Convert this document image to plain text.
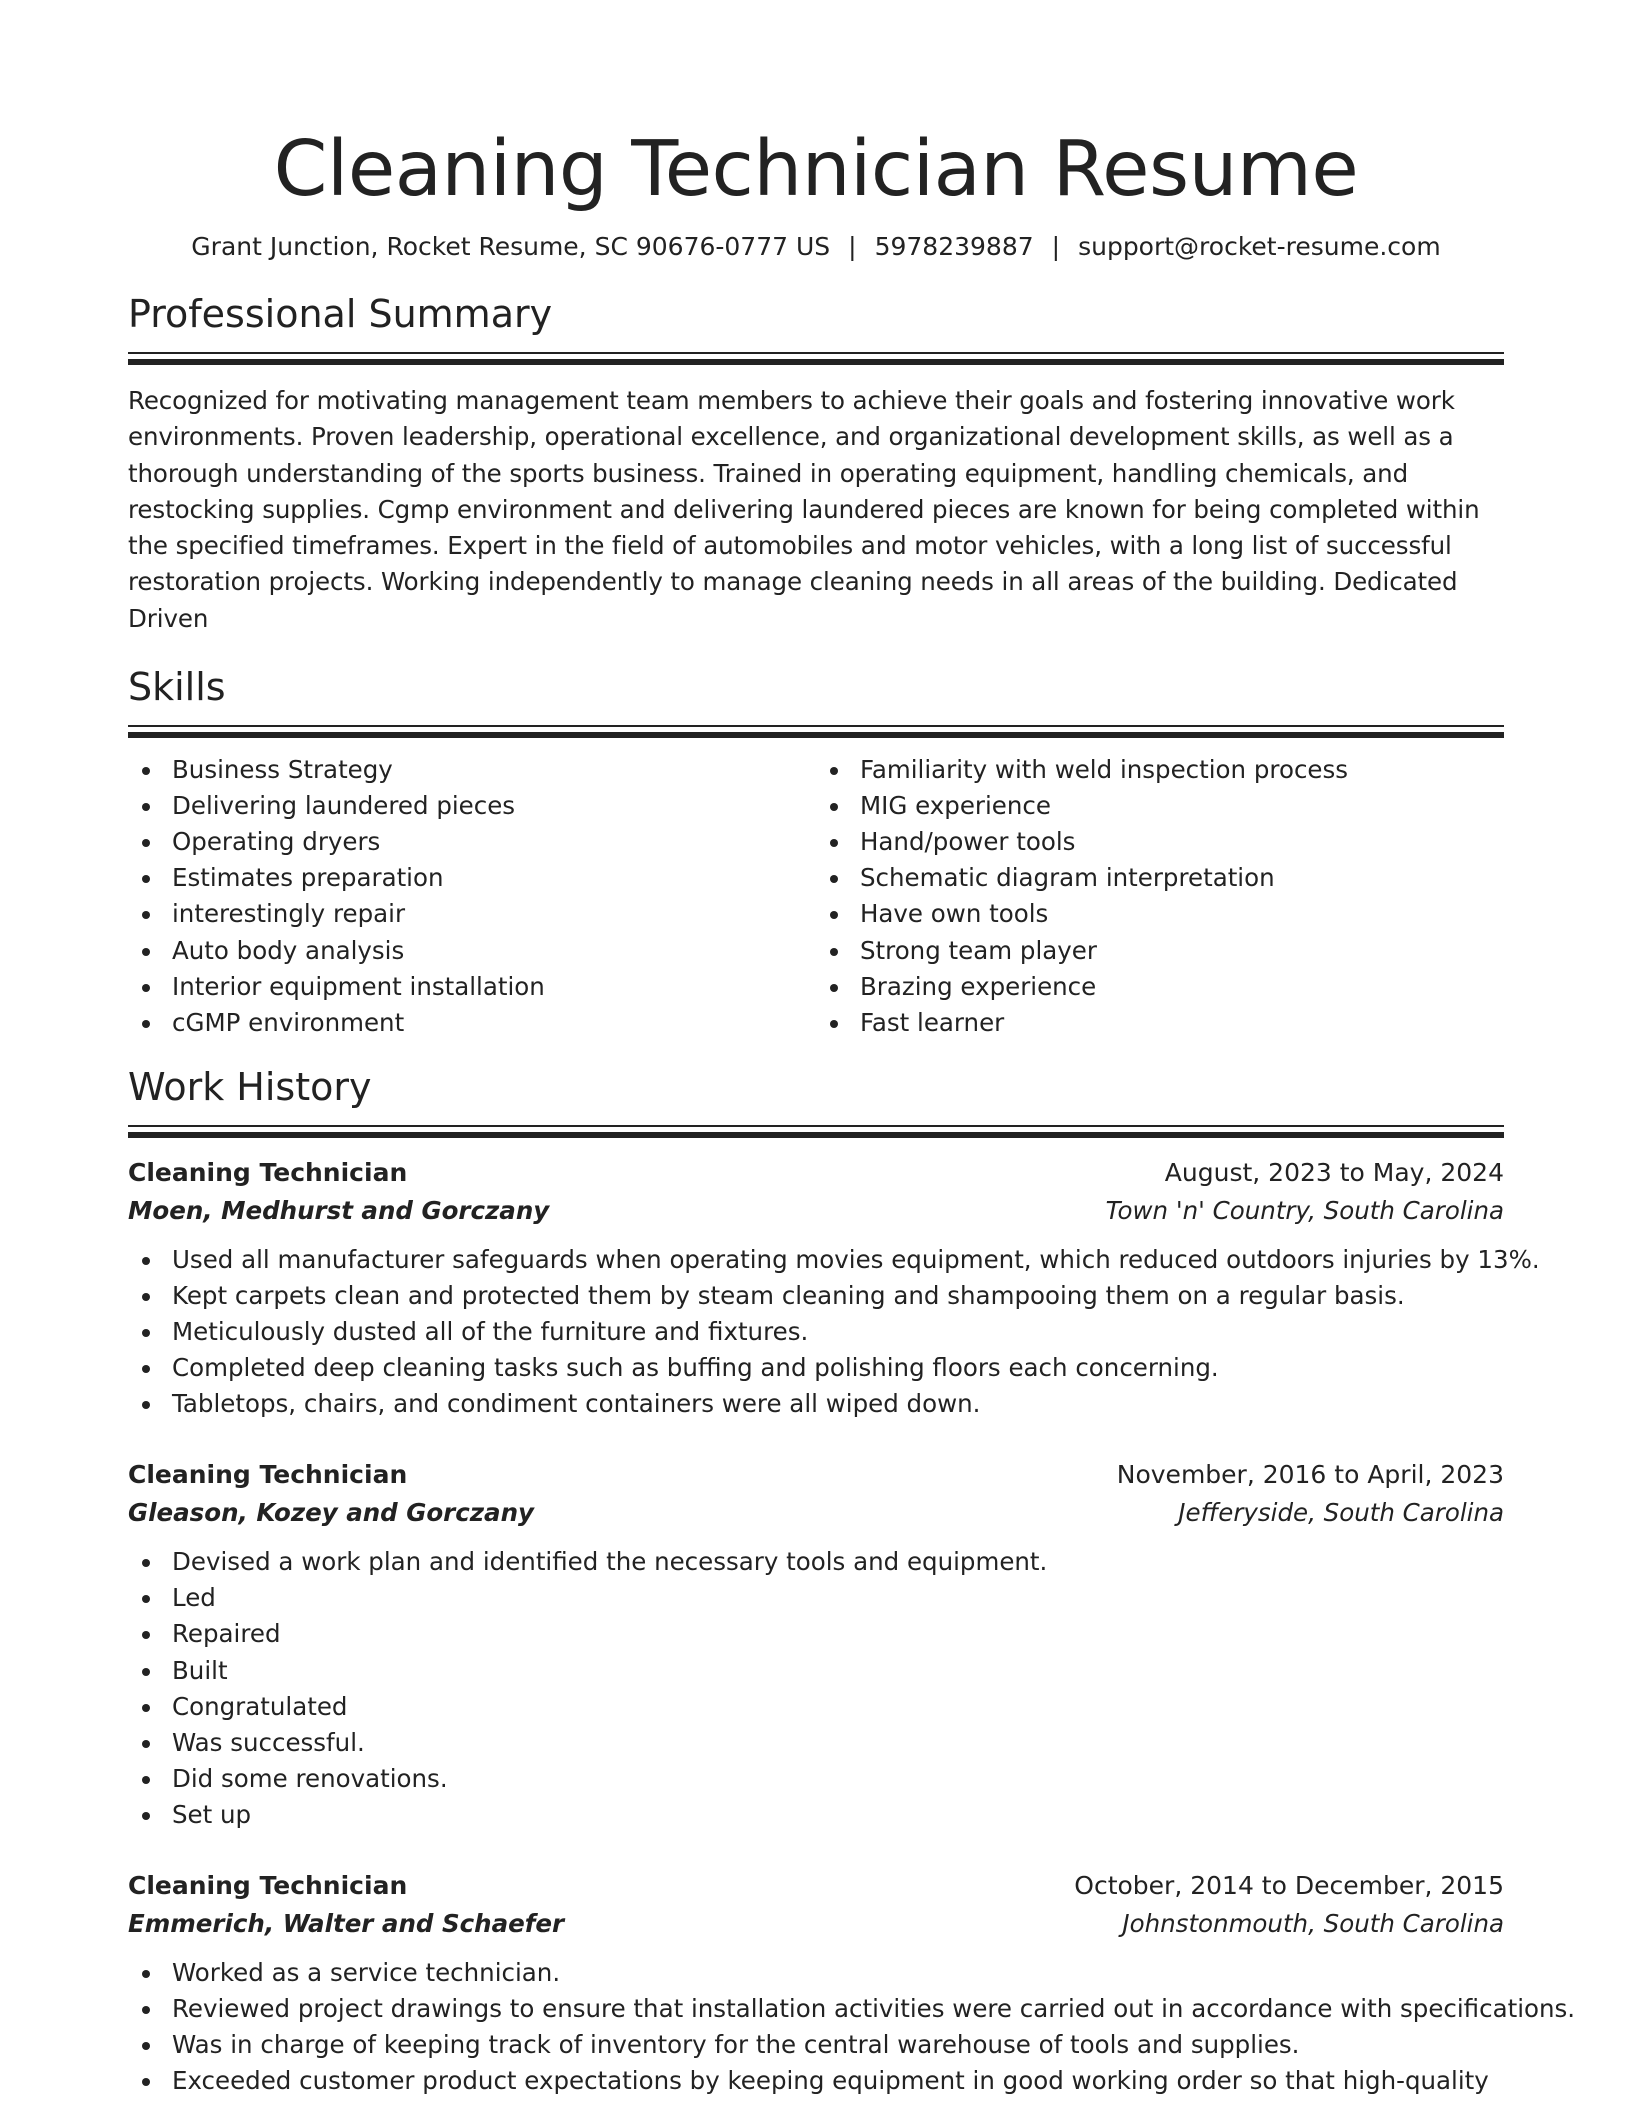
Cleaning Technician Resume
Grant Junction, Rocket Resume, SC 90676-0777 US | 5978239887 | support@rocket-resume.com
Professional Summary

Recognized for motivating management team members to achieve their goals and fostering innovative work environments. Proven leadership, operational excellence, and organizational development skills, as well as a thorough understanding of the sports business. Trained in operating equipment, handling chemicals, and restocking supplies. Cgmp environment and delivering laundered pieces are known for being completed within the specified timeframes. Expert in the field of automobiles and motor vehicles, with a long list of successful restoration projects. Working independently to manage cleaning needs in all areas of the building. Dedicated Driven

Skills
Business Strategy
Delivering laundered pieces
Operating dryers
Estimates preparation
interestingly repair
Auto body analysis
Interior equipment installation
cGMP environment
Familiarity with weld inspection process
MIG experience
Hand/power tools
Schematic diagram interpretation
Have own tools
Strong team player
Brazing experience
Fast learner
Work History
Cleaning Technician	August, 2023 to May, 2024
Moen, Medhurst and Gorczany	Town 'n' Country, South Carolina
Used all manufacturer safeguards when operating movies equipment, which reduced outdoors injuries by 13%.
Kept carpets clean and protected them by steam cleaning and shampooing them on a regular basis.
Meticulously dusted all of the furniture and fixtures.
Completed deep cleaning tasks such as buffing and polishing floors each concerning.
Tabletops, chairs, and condiment containers were all wiped down.
Cleaning Technician	November, 2016 to April, 2023
Gleason, Kozey and Gorczany	Jefferyside, South Carolina
Devised a work plan and identified the necessary tools and equipment.
Led
Repaired
Built
Congratulated
Was successful.
Did some renovations.
Set up
Cleaning Technician	October, 2014 to December, 2015
Emmerich, Walter and Schaefer	Johnstonmouth, South Carolina
Worked as a service technician.
Reviewed project drawings to ensure that installation activities were carried out in accordance with specifications.
Was in charge of keeping track of inventory for the central warehouse of tools and supplies.
Exceeded customer product expectations by keeping equipment in good working order so that high-quality
